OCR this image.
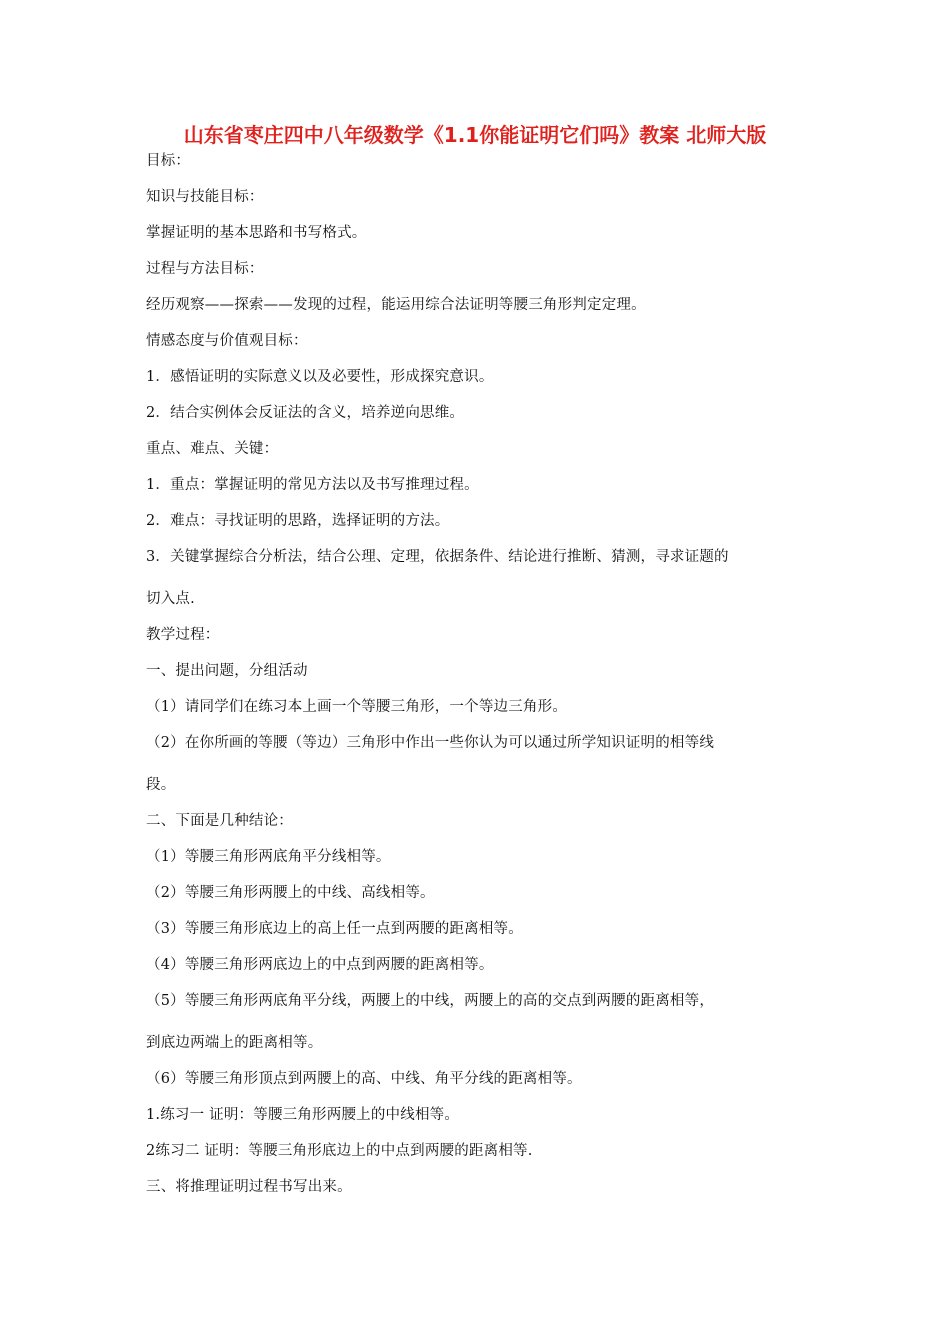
山东省枣庄四中八年级数学《1.1你能证明它们吗》教案 北师大版

目标：

知识与技能目标：

掌握证明的基本思路和书写格式。

过程与方法目标：

经历观察——探索——发现的过程，能运用综合法证明等腰三角形判定定理。

情感态度与价值观目标：

1．感悟证明的实际意义以及必要性，形成探究意识。

2．结合实例体会反证法的含义，培养逆向思维。

重点、难点、关键：

1．重点：掌握证明的常见方法以及书写推理过程。

2．难点：寻找证明的思路，选择证明的方法。

3．关键掌握综合分析法，结合公理、定理，依据条件、结论进行推断、猜测，寻求证题的

切入点.

教学过程：

一、提出问题，分组活动

（1）请同学们在练习本上画一个等腰三角形，一个等边三角形。

（2）在你所画的等腰（等边）三角形中作出一些你认为可以通过所学知识证明的相等线

段。

二、下面是几种结论：

（1）等腰三角形两底角平分线相等。

（2）等腰三角形两腰上的中线、高线相等。

（3）等腰三角形底边上的高上任一点到两腰的距离相等。

（4）等腰三角形两底边上的中点到两腰的距离相等。

（5）等腰三角形两底角平分线，两腰上的中线，两腰上的高的交点到两腰的距离相等，

到底边两端上的距离相等。

（6）等腰三角形顶点到两腰上的高、中线、角平分线的距离相等。

1.练习一 证明：等腰三角形两腰上的中线相等。

2练习二 证明：等腰三角形底边上的中点到两腰的距离相等.

三、将推理证明过程书写出来。
